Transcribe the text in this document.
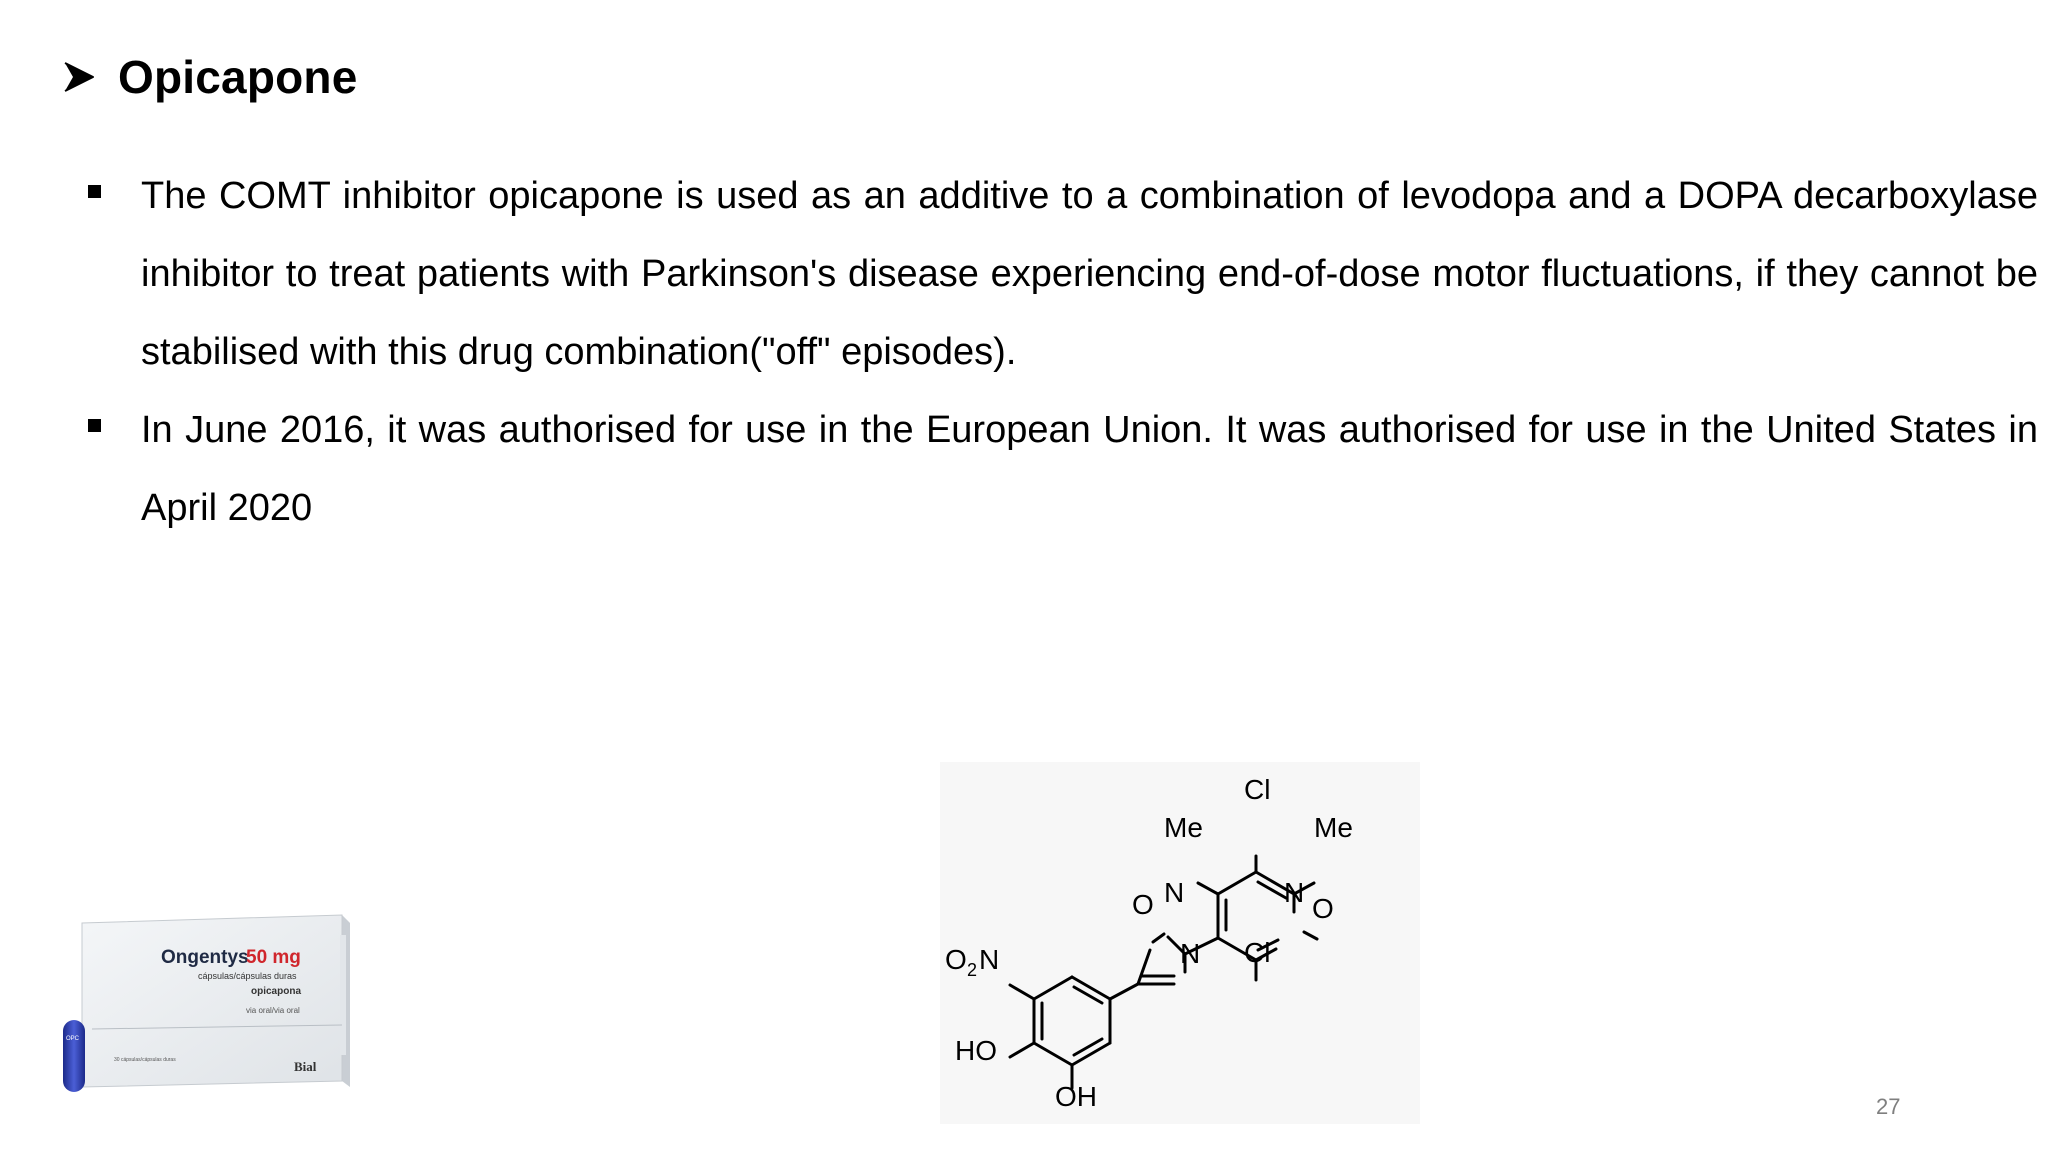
Opicapone
The COMT inhibitor opicapone is used as an additive to a combination of levodopa and a DOPA decarboxylase inhibitor to treat patients with Parkinson's disease experiencing end-of-dose motor fluctuations, if they cannot be stabilised with this drug combination("off" episodes).
In June 2016, it was authorised for use in the European Union. It was authorised for use in the United States in April 2020
Ongentys
50 mg
cápsulas/cápsulas duras
opicapona
via oral/via oral
30 cápsulas/cápsulas duras	Bial
OPC
Cl
Me	Me
O N
N
N
O
Cl
O 2 N
HO
OH	27
